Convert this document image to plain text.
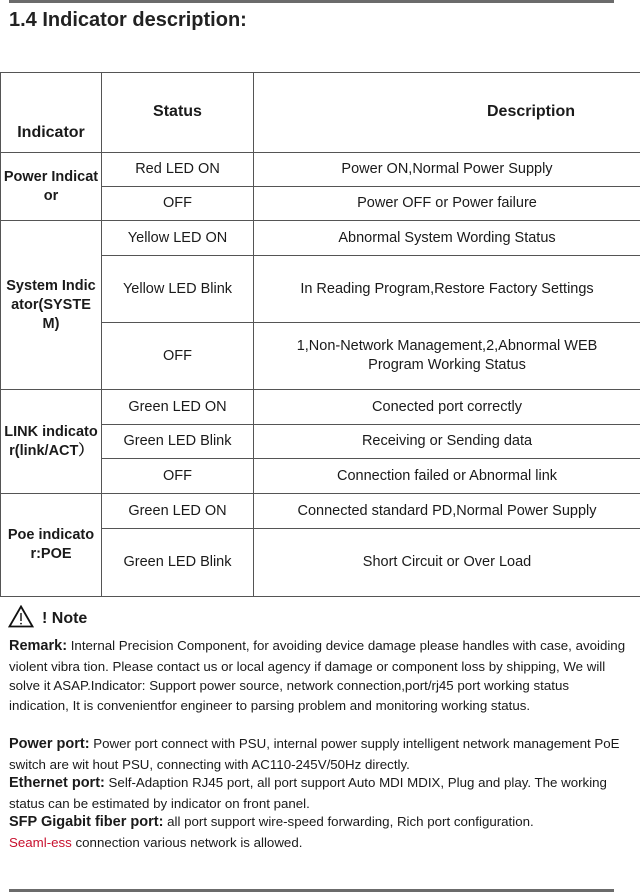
1.4 Indicator description:
Indicator	Status	Description
Power Indicator	Red LED ON	Power ON,Normal Power Supply
	OFF	Power OFF or Power failure
System Indicator(SYSTEM)	Yellow LED ON	Abnormal System Wording Status
	Yellow LED Blink	In Reading Program,Restore Factory Settings
	OFF	1,Non-Network Management,2,Abnormal WEB Program Working Status
LINK indicator(link/ACT）	Green LED ON	Conected port correctly
	Green LED Blink	Receiving or Sending data
	OFF	Connection failed or Abnormal link
Poe indicator:POE	Green LED ON	Connected standard PD,Normal Power Supply
	Green LED Blink	Short Circuit or Over Load
! Note
Remark: Internal Precision Component, for avoiding device damage please handles with case, avoiding violent vibra tion. Please contact us or local agency if damage or component loss by shipping, We will solve it ASAP.Indicator: Support power source, network connection,port/rj45 port working status indication, It is convenientfor engineer to parsing problem and monitoring working status.
Power port: Power port connect with PSU, internal power supply intelligent network management PoE switch are wit hout PSU, connecting with AC110-245V/50Hz directly.
Ethernet port: Self-Adaption RJ45 port, all port support Auto MDI MDIX, Plug and play. The working status can be estimated by indicator on front panel.
SFP Gigabit fiber port: all port support wire-speed forwarding, Rich port configuration.
Seaml-ess connection various network is allowed.
